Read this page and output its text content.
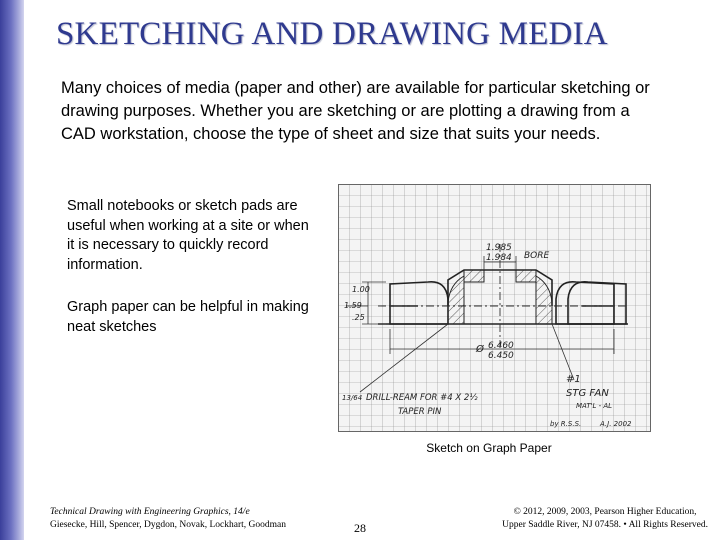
SKETCHING AND DRAWING MEDIA

Many choices of media (paper and other) are available for particular sketching or drawing purposes. Whether you are sketching or are plotting a drawing from a CAD workstation, choose the type of sheet and size that suits your needs.

Small notebooks or sketch pads are useful when working at a site or when it is necessary to quickly record information.

Graph paper can be helpful in making neat sketches

1.985
1.984 BORE
1.00
1.59
.25
Ø 6.460
6.450
13/64 DRILL-REAM FOR #4 X 2½
TAPER PIN
#1
STG FAN
MAT'L - AL
by R.S.S.	A.J. 2002

Sketch on Graph Paper

Technical Drawing with Engineering Graphics, 14/e
Giesecke, Hill, Spencer, Dygdon, Novak, Lockhart, Goodman	28
© 2012, 2009, 2003, Pearson Higher Education,
Upper Saddle River, NJ 07458. • All Rights Reserved.
